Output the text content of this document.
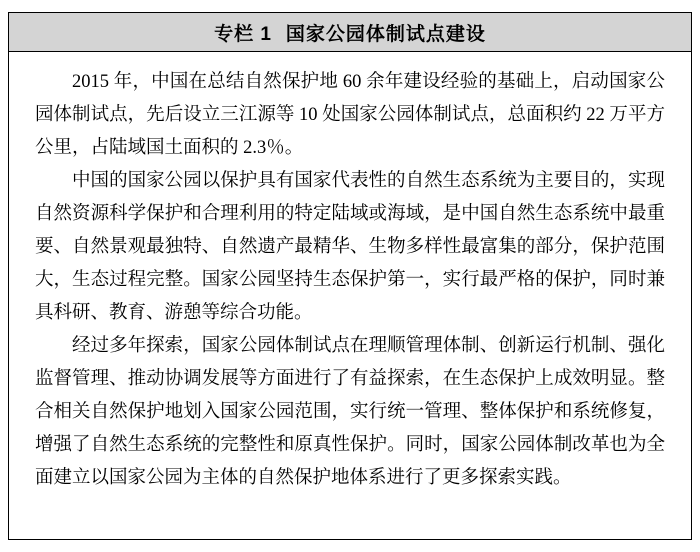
专栏 1 国家公园体制试点建设

2015 年，中国在总结自然保护地 60 余年建设经验的基础上，启动国家公园体制试点，先后设立三江源等 10 处国家公园体制试点，总面积约 22 万平方公里，占陆域国土面积的 2.3％。

中国的国家公园以保护具有国家代表性的自然生态系统为主要目的，实现自然资源科学保护和合理利用的特定陆域或海域，是中国自然生态系统中最重要、自然景观最独特、自然遗产最精华、生物多样性最富集的部分，保护范围大，生态过程完整。国家公园坚持生态保护第一，实行最严格的保护，同时兼具科研、教育、游憩等综合功能。

经过多年探索，国家公园体制试点在理顺管理体制、创新运行机制、强化监督管理、推动协调发展等方面进行了有益探索，在生态保护上成效明显。整合相关自然保护地划入国家公园范围，实行统一管理、整体保护和系统修复，增强了自然生态系统的完整性和原真性保护。同时，国家公园体制改革也为全面建立以国家公园为主体的自然保护地体系进行了更多探索实践。
